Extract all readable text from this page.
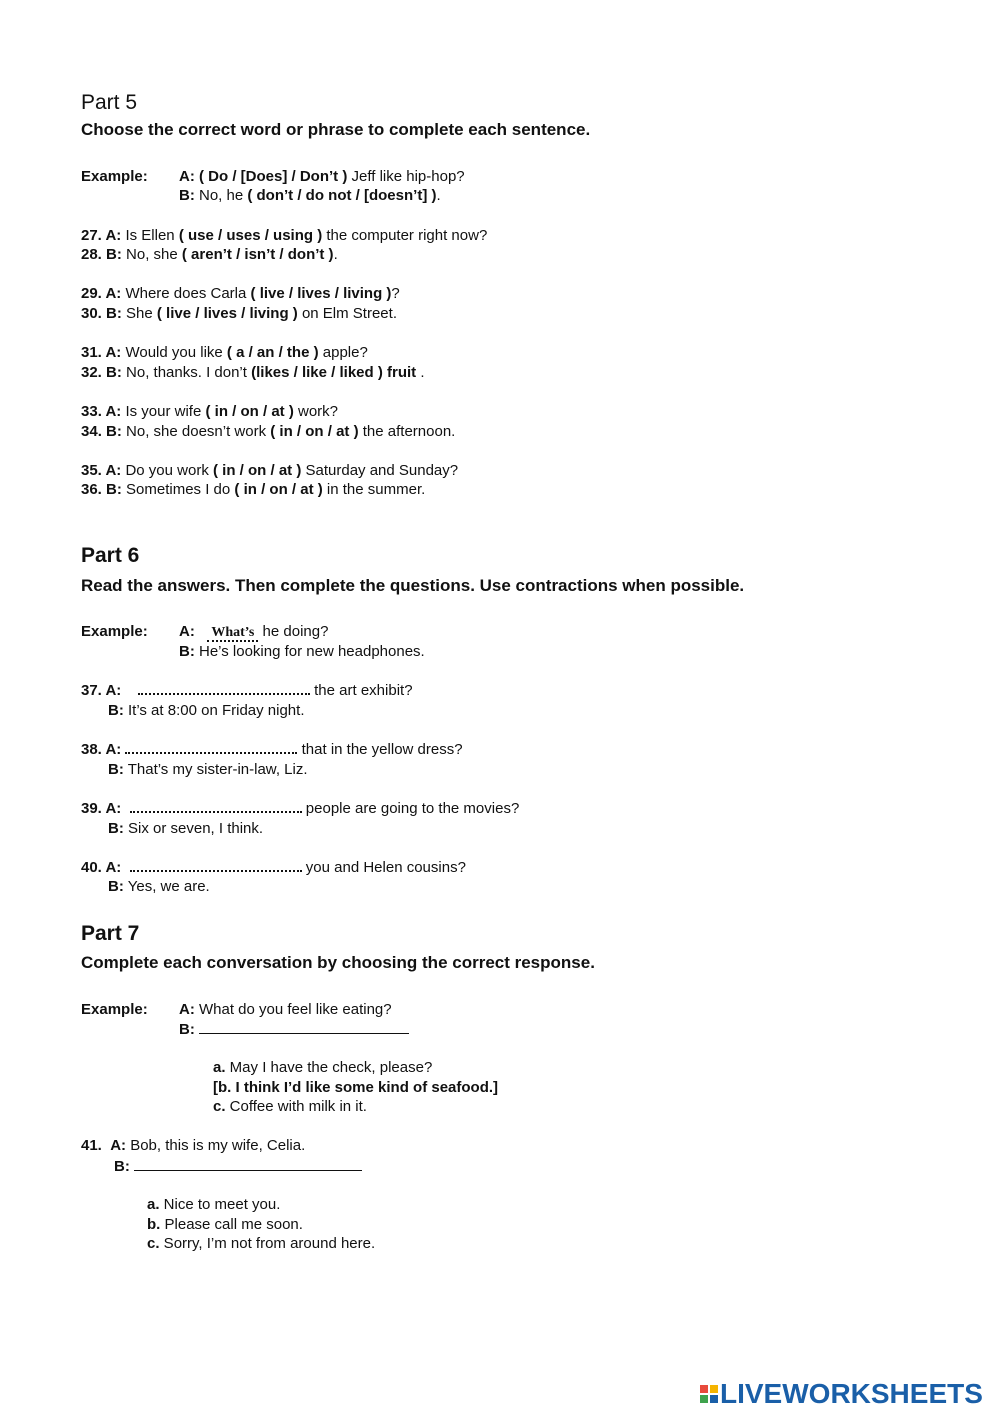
Part 5
Choose the correct word or phrase to complete each sentence.
Example: A: ( Do / [Does] / Don’t ) Jeff like hip-hop?
B: No, he ( don’t / do not / [doesn’t] ).
27. A: Is Ellen ( use / uses / using ) the computer right now?
28. B: No, she ( aren’t / isn’t / don’t ).
29. A: Where does Carla ( live / lives / living )?
30. B: She ( live / lives / living ) on Elm Street.
31. A: Would you like ( a / an / the ) apple?
32. B: No, thanks. I don’t (likes / like / liked ) fruit .
33. A: Is your wife ( in / on / at ) work?
34. B: No, she doesn’t work ( in / on / at ) the afternoon.
35. A: Do you work ( in / on / at ) Saturday and Sunday?
36. B: Sometimes I do ( in / on / at ) in the summer.
Part 6
Read the answers. Then complete the questions. Use contractions when possible.
Example: A: What’s he doing?
B: He’s looking for new headphones.
37. A:	the art exhibit?
B: It’s at 8:00 on Friday night.
38. A:	that in the yellow dress?
B: That’s my sister-in-law, Liz.
39. A:	people are going to the movies?
B: Six or seven, I think.
40. A:	you and Helen cousins?
B: Yes, we are.
Part 7
Complete each conversation by choosing the correct response.
Example: A: What do you feel like eating?
B:
a. May I have the check, please?
[b. I think I’d like some kind of seafood.]
c. Coffee with milk in it.
41. A: Bob, this is my wife, Celia.
B:
a. Nice to meet you.
b. Please call me soon.
c. Sorry, I’m not from around here.
LIVEWORKSHEETS
